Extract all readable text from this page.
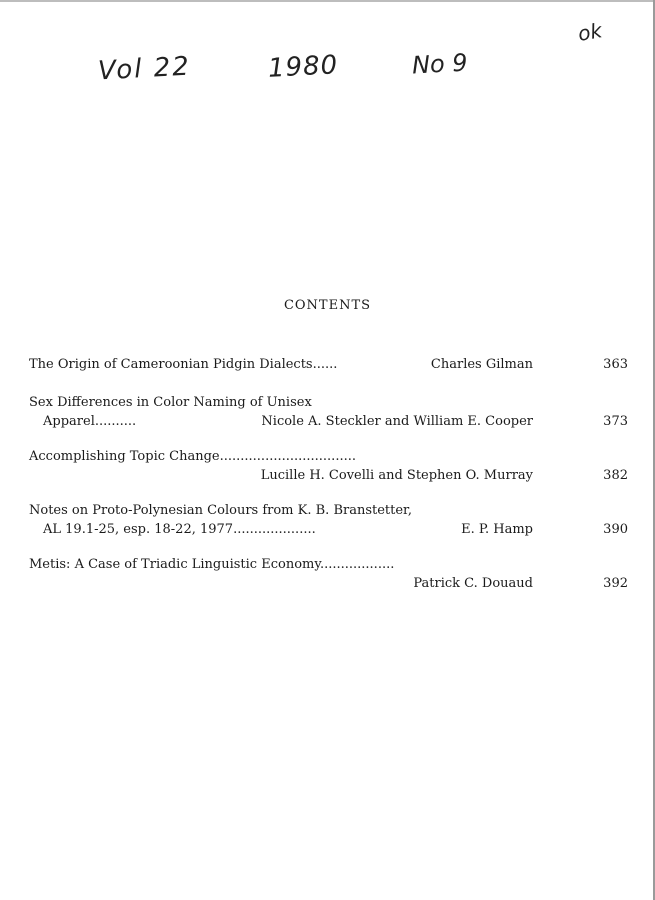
Vol 22	1980	No 9
ok
CONTENTS
The Origin of Cameroonian Pidgin Dialects......	Charles Gilman	363
Sex Differences in Color Naming of Unisex
Apparel..........	Nicole A. Steckler and William E. Cooper	373
Accomplishing Topic Change.................................
Lucille H. Covelli and Stephen O. Murray	382
Notes on Proto-Polynesian Colours from K. B. Branstetter,
AL 19.1-25, esp. 18-22, 1977....................	E. P. Hamp	390
Metis: A Case of Triadic Linguistic Economy..................
Patrick C. Douaud	392
